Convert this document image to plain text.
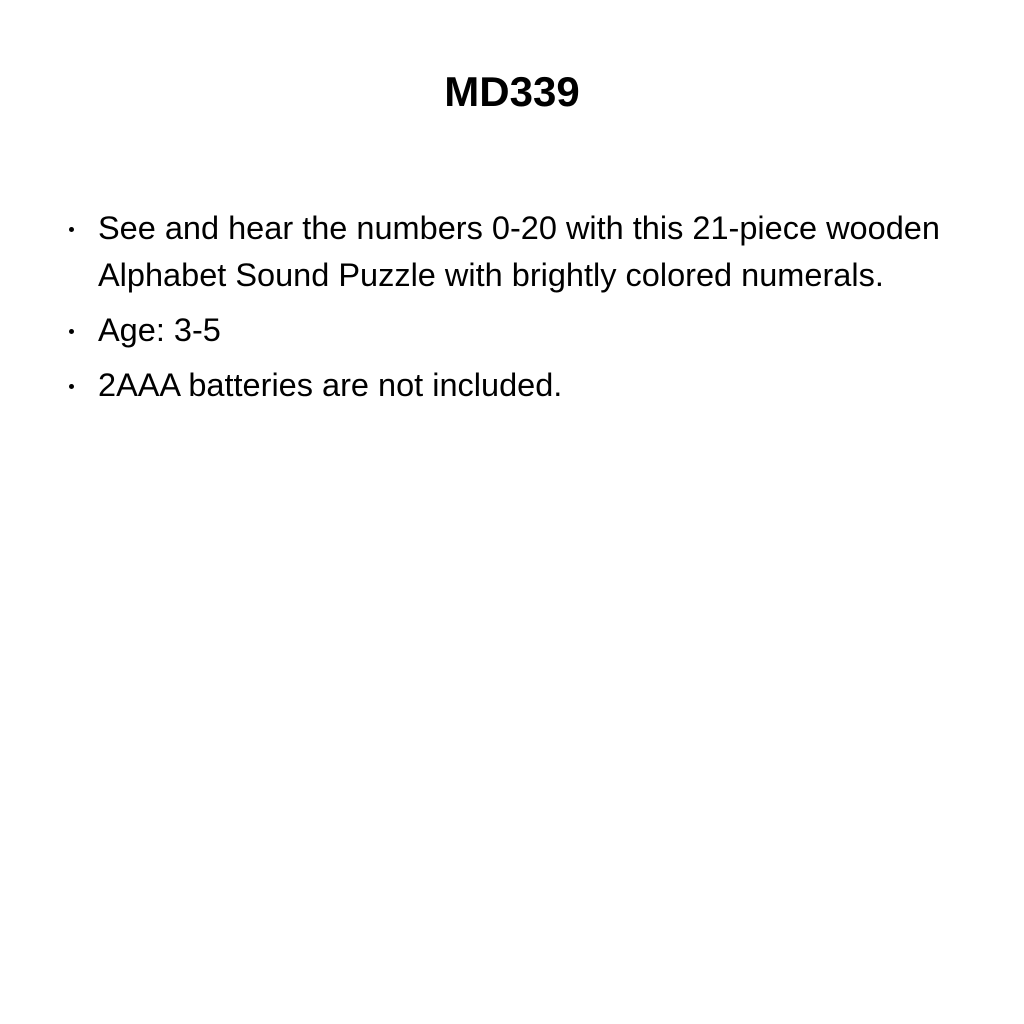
MD339
See and hear the numbers 0-20 with this 21-piece wooden Alphabet Sound Puzzle with brightly colored numerals.
Age: 3-5
2AAA batteries are not included.
